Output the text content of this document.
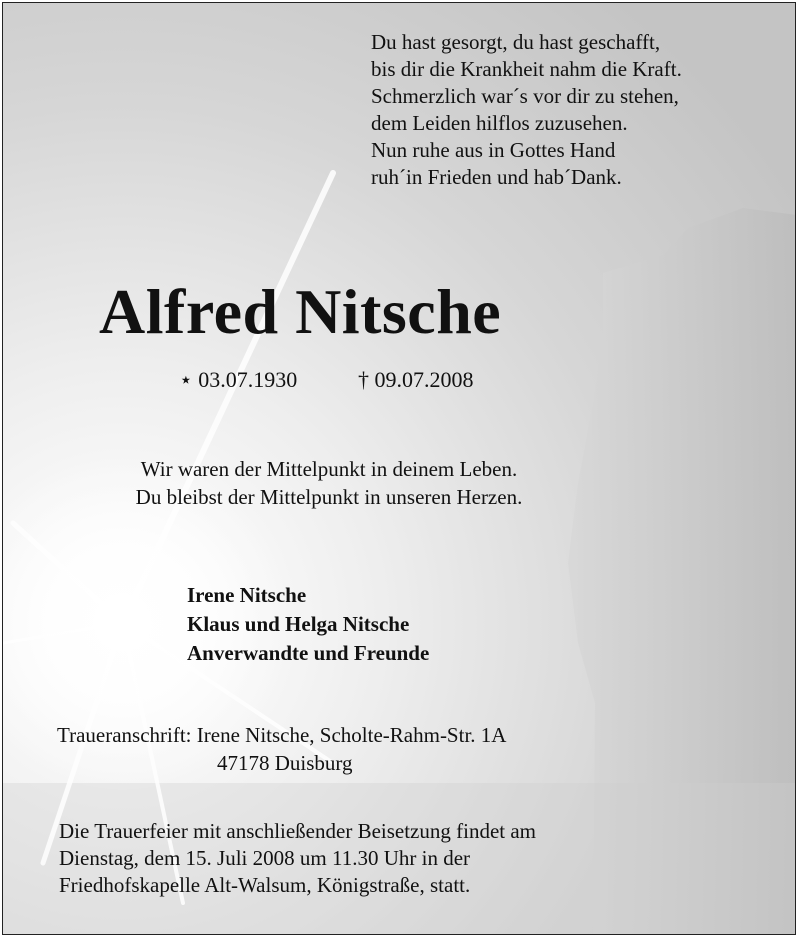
Du hast gesorgt, du hast geschafft,
bis dir die Krankheit nahm die Kraft.
Schmerzlich war´s vor dir zu stehen,
dem Leiden hilflos zuzusehen.
Nun ruhe aus in Gottes Hand
ruh´in Frieden und hab´Dank.
Alfred Nitsche
⋆ 03.07.1930	† 09.07.2008
Wir waren der Mittelpunkt in deinem Leben.
Du bleibst der Mittelpunkt in unseren Herzen.
Irene Nitsche
Klaus und Helga Nitsche
Anverwandte und Freunde
Traueranschrift: Irene Nitsche, Scholte-Rahm-Str. 1A
47178 Duisburg
Die Trauerfeier mit anschließender Beisetzung findet am
Dienstag, dem 15. Juli 2008 um 11.30 Uhr in der
Friedhofskapelle Alt-Walsum, Königstraße, statt.
